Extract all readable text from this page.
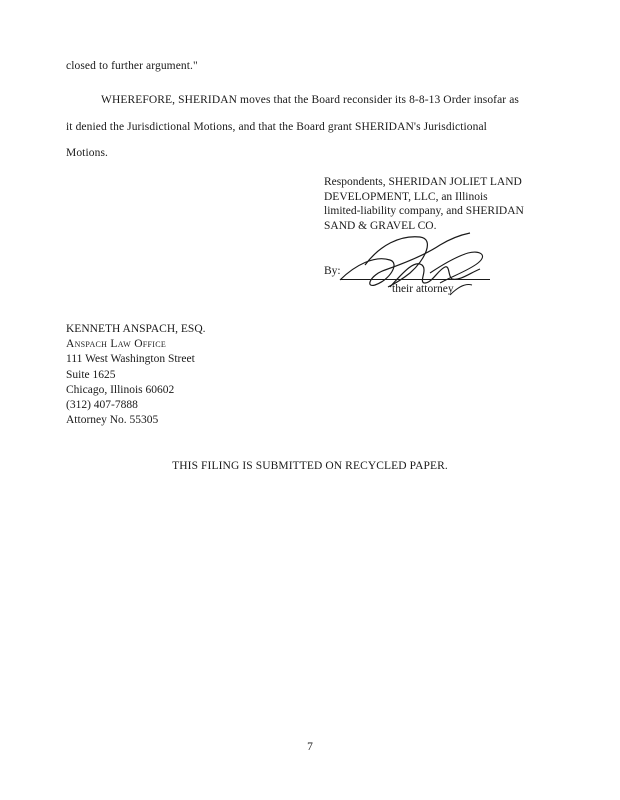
closed to further argument."
WHEREFORE, SHERIDAN moves that the Board reconsider its 8-8-13 Order insofar as
it denied the Jurisdictional Motions, and that the Board grant SHERIDAN's Jurisdictional
Motions.
Respondents, SHERIDAN JOLIET LAND
DEVELOPMENT, LLC, an Illinois
limited-liability company, and SHERIDAN
SAND & GRAVEL CO.
By:
their attorney
KENNETH ANSPACH, ESQ.
Anspach Law Office
111 West Washington Street
Suite 1625
Chicago, Illinois 60602
(312) 407-7888
Attorney No. 55305
THIS FILING IS SUBMITTED ON RECYCLED PAPER.
7
